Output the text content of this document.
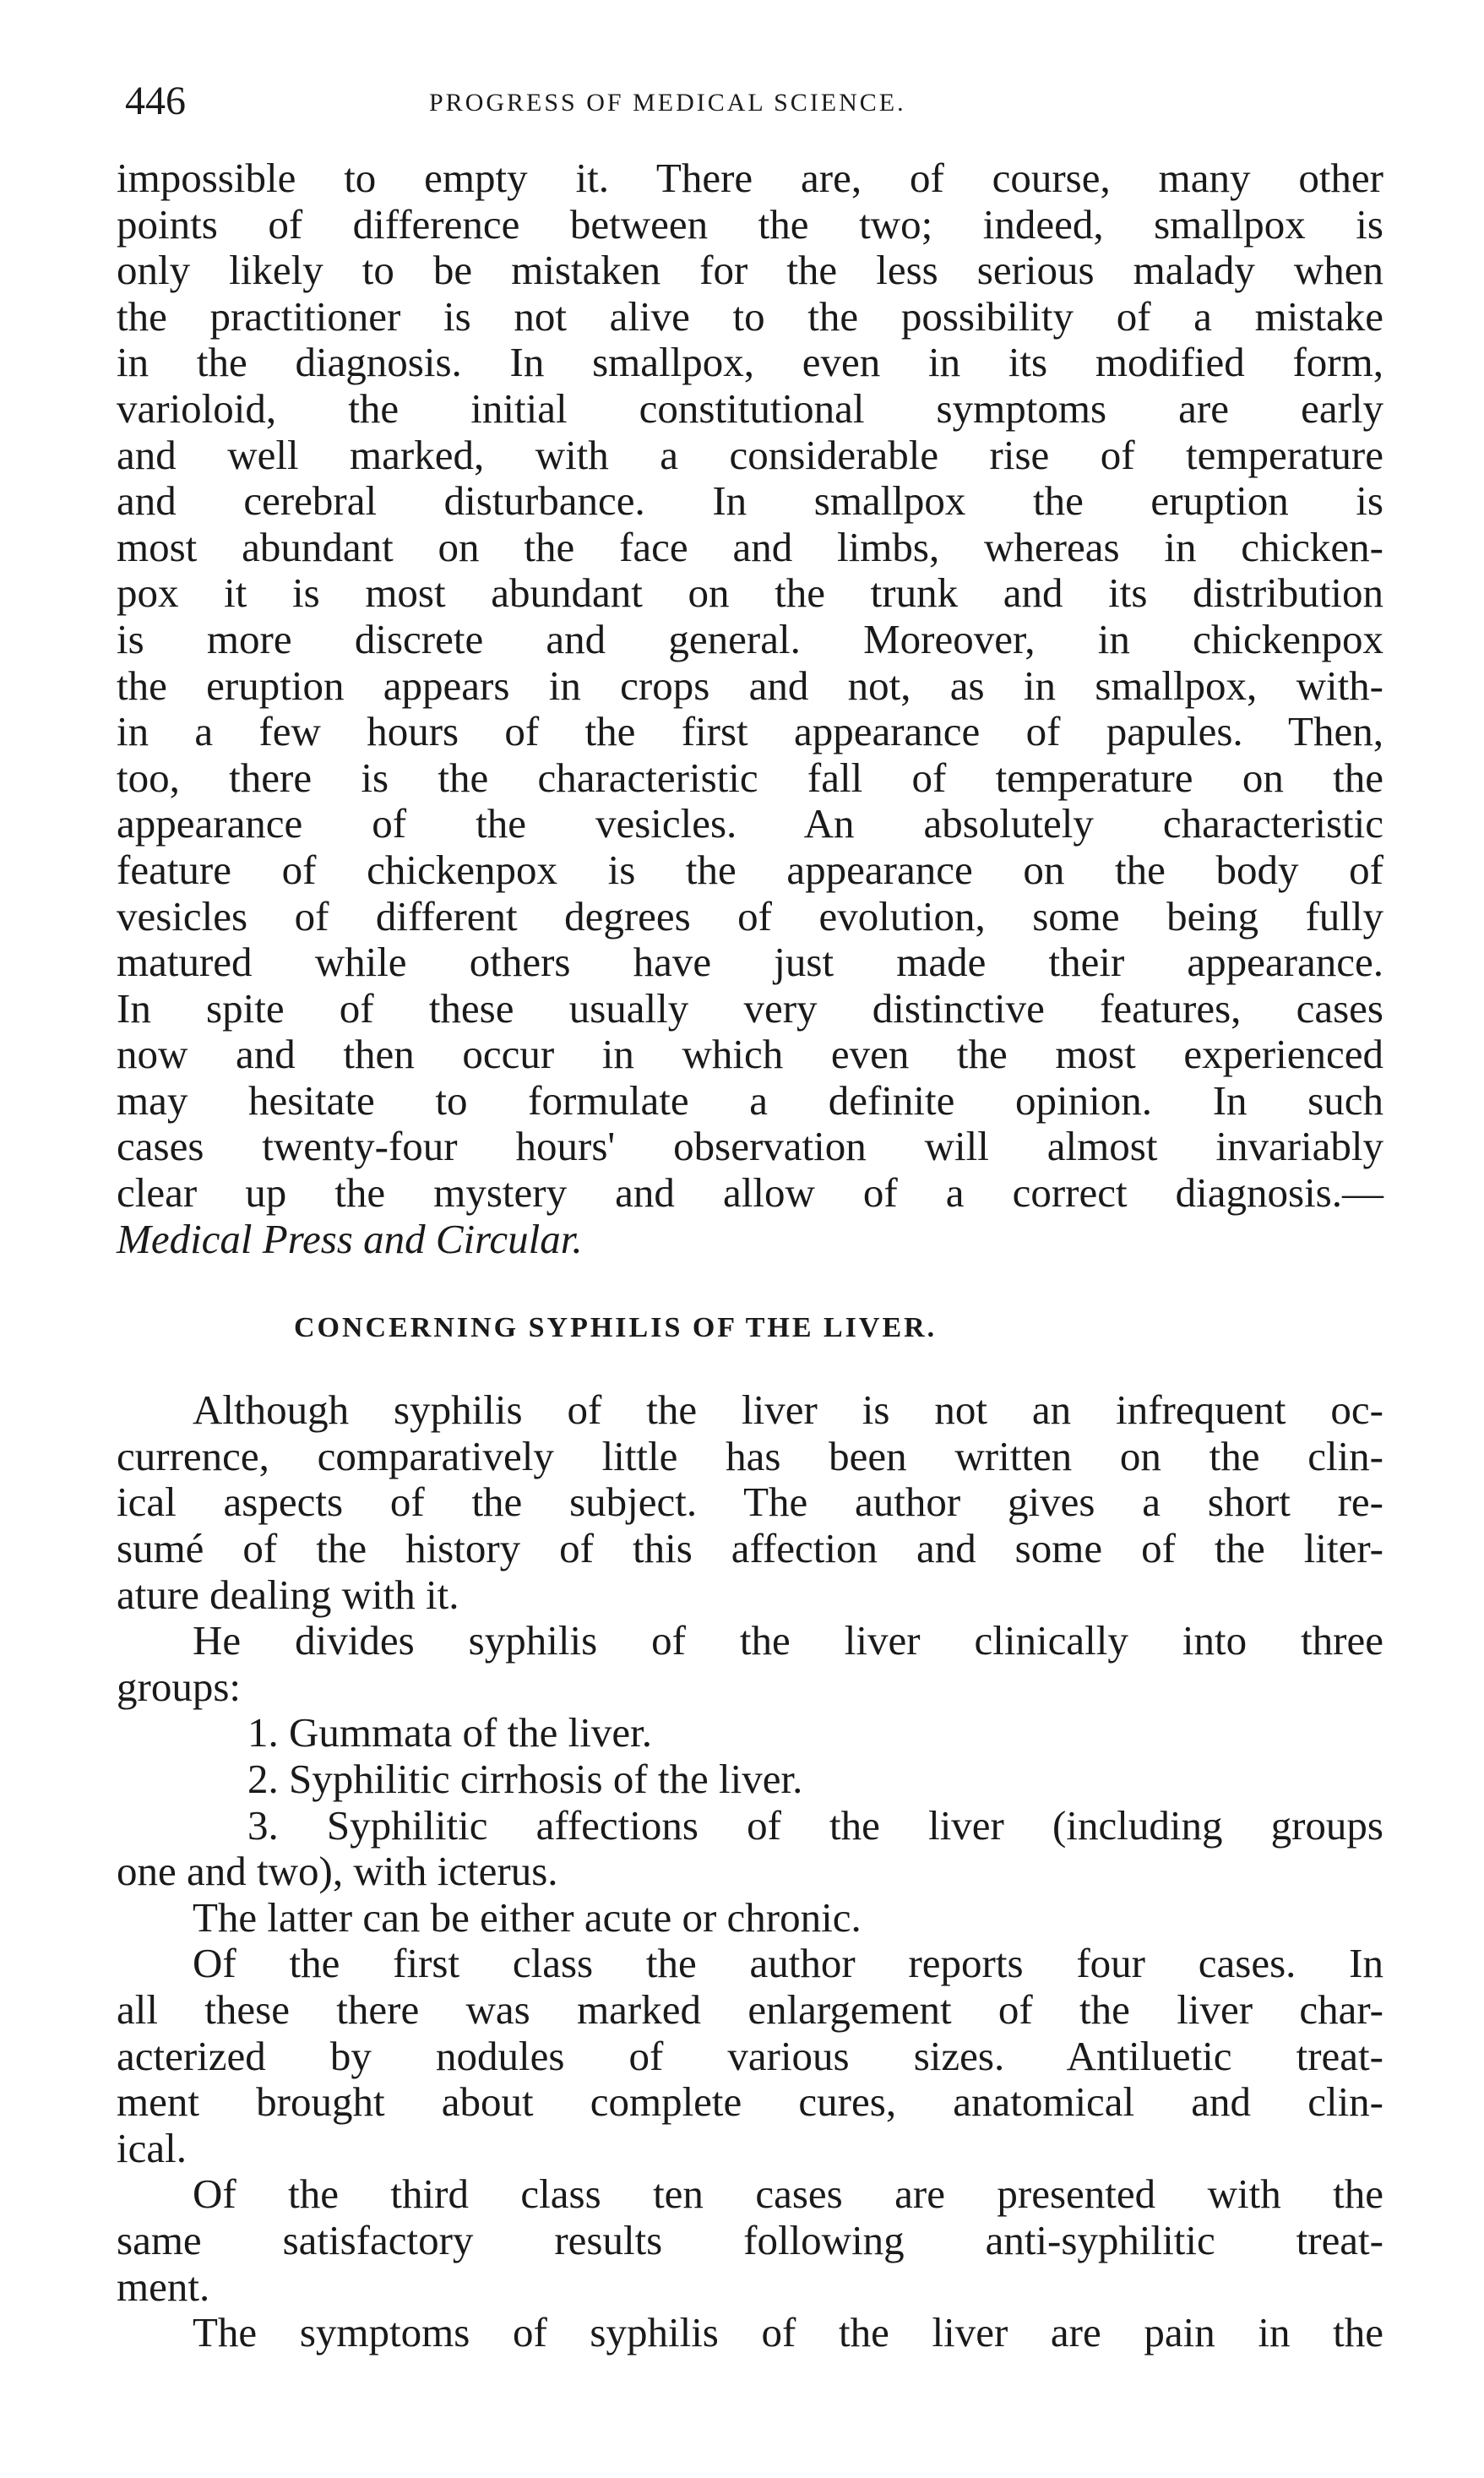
446	PROGRESS OF MEDICAL SCIENCE.
impossible to empty it. There are, of course, many other
points of difference between the two; indeed, smallpox is
only likely to be mistaken for the less serious malady when
the practitioner is not alive to the possibility of a mistake
in the diagnosis. In smallpox, even in its modified form,
varioloid, the initial constitutional symptoms are early
and well marked, with a considerable rise of temperature
and cerebral disturbance. In smallpox the eruption is
most abundant on the face and limbs, whereas in chicken-
pox it is most abundant on the trunk and its distribution
is more discrete and general. Moreover, in chickenpox
the eruption appears in crops and not, as in smallpox, with-
in a few hours of the first appearance of papules. Then,
too, there is the characteristic fall of temperature on the
appearance of the vesicles. An absolutely characteristic
feature of chickenpox is the appearance on the body of
vesicles of different degrees of evolution, some being fully
matured while others have just made their appearance.
In spite of these usually very distinctive features, cases
now and then occur in which even the most experienced
may hesitate to formulate a definite opinion. In such
cases twenty-four hours' observation will almost invariably
clear up the mystery and allow of a correct diagnosis.—
Medical Press and Circular.
CONCERNING SYPHILIS OF THE LIVER.
Although syphilis of the liver is not an infrequent oc-
currence, comparatively little has been written on the clin-
ical aspects of the subject. The author gives a short re-
sumé of the history of this affection and some of the liter-
ature dealing with it.
He divides syphilis of the liver clinically into three
groups:
1. Gummata of the liver.
2. Syphilitic cirrhosis of the liver.
3. Syphilitic affections of the liver (including groups
one and two), with icterus.
The latter can be either acute or chronic.
Of the first class the author reports four cases. In
all these there was marked enlargement of the liver char-
acterized by nodules of various sizes. Antiluetic treat-
ment brought about complete cures, anatomical and clin-
ical.
Of the third class ten cases are presented with the
same satisfactory results following anti-syphilitic treat-
ment.
The symptoms of syphilis of the liver are pain in the
